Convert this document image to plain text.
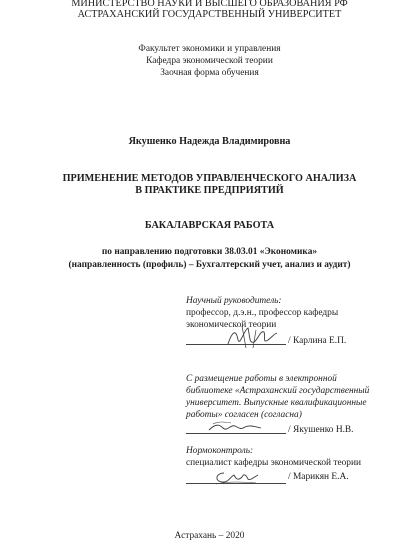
МИНИСТЕРСТВО НАУКИ И ВЫСШЕГО ОБРАЗОВАНИЯ РФ
АСТРАХАНСКИЙ ГОСУДАРСТВЕННЫЙ УНИВЕРСИТЕТ
Факультет экономики и управления
Кафедра экономической теории
Заочная форма обучения
Якушенко Надежда Владимировна
ПРИМЕНЕНИЕ МЕТОДОВ УПРАВЛЕНЧЕСКОГО АНАЛИЗА
В ПРАКТИКЕ ПРЕДПРИЯТИЙ
БАКАЛАВРСКАЯ РАБОТА
по направлению подготовки 38.03.01 «Экономика»
(направленность (профиль) – Бухгалтерский учет, анализ и аудит)
Научный руководитель:
профессор, д.э.н., профессор кафедры
экономической теории
/ Карлина Е.П.
С размещение работы в электронной
библиотеке «Астраханский государственный
университет. Выпускные квалификационные
работы» согласен (согласна)
/ Якушенко Н.В.
Нормоконтроль:
специалист кафедры экономической теории
/ Марикян Е.А.
Астрахань – 2020
